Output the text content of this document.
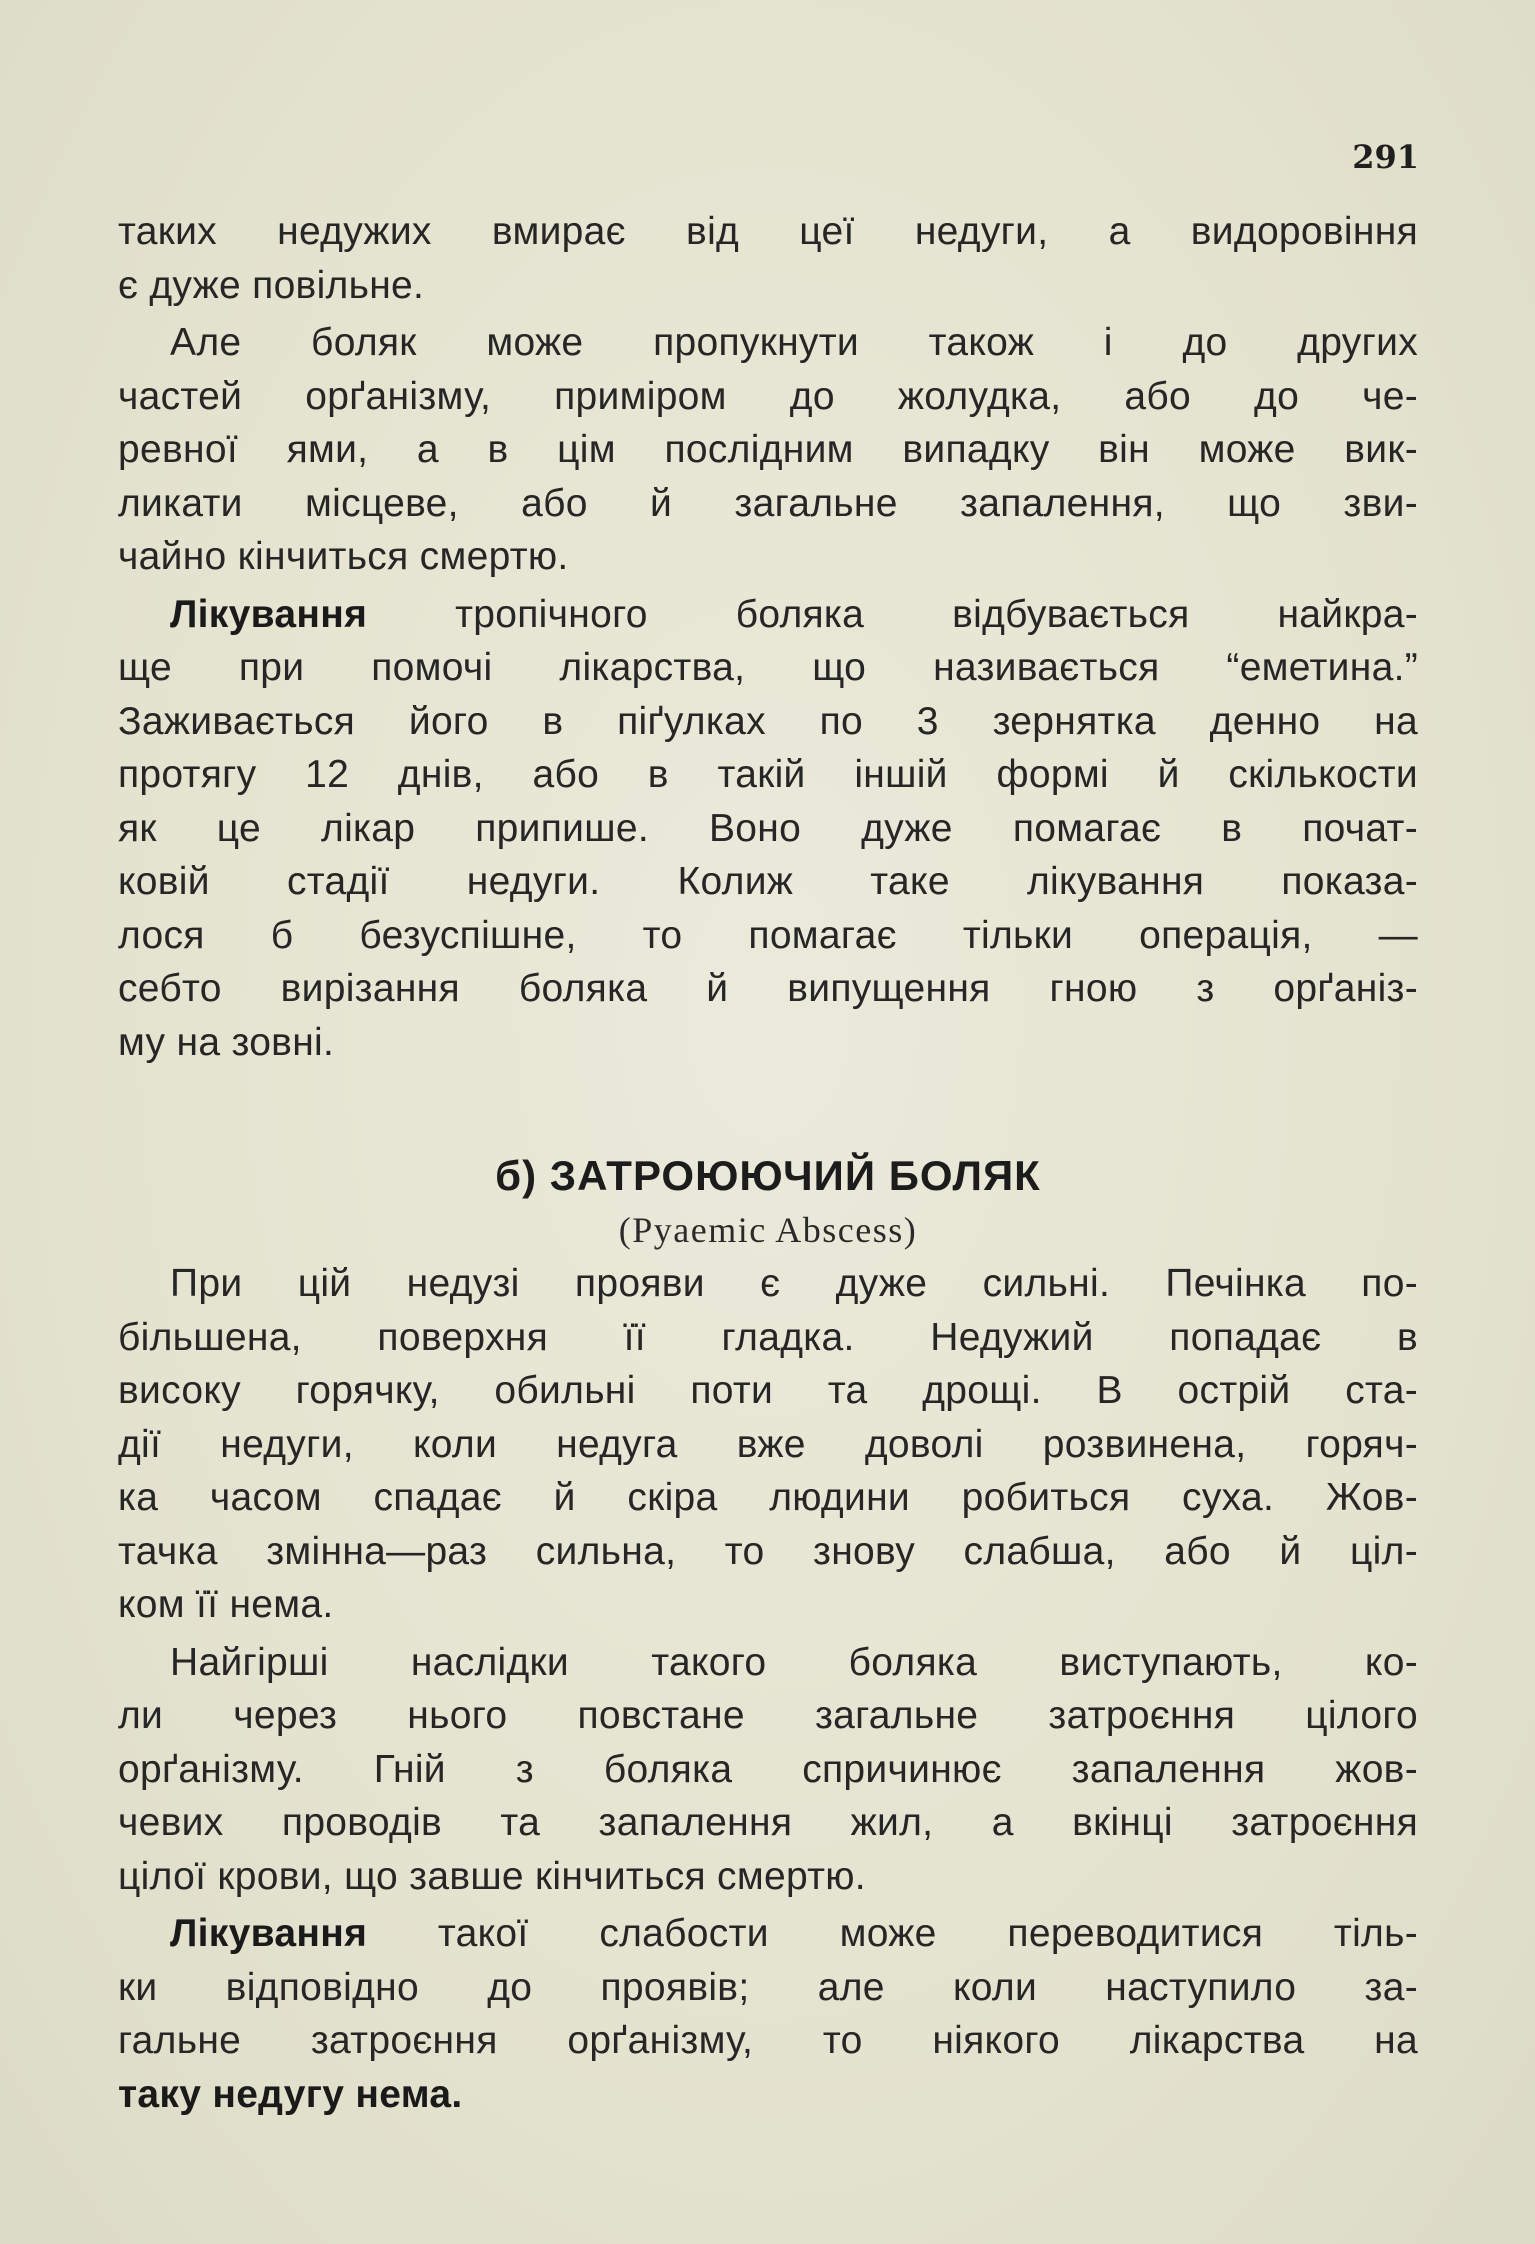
291
таких недужих вмирає від цеї недуги, а видоровіння
є дуже повільне.
Але боляк може пропукнути також і до других
частей орґанізму, приміром до жолудка, або до че-
ревної ями, а в цім послідним випадку він може вик-
ликати місцеве, або й загальне запалення, що зви-
чайно кінчиться смертю.
Лікування тропічного боляка відбувається найкра-
ще при помочі лікарства, що називається “еметина.”
Заживається його в піґулках по 3 зернятка денно на
протягу 12 днів, або в такій іншій формі й скількости
як це лікар припише. Воно дуже помагає в почат-
ковій стадії недуги. Колиж таке лікування показа-
лося б безуспішне, то помагає тільки операція, —
себто вирізання боляка й випущення гною з орґаніз-
му на зовні.
б) ЗАТРОЮЮЧИЙ БОЛЯК
(Pyaemic Abscess)
При цій недузі прояви є дуже сильні. Печінка по-
більшена, поверхня її гладка. Недужий попадає в
високу горячку, обильні поти та дрощі. В острій ста-
дії недуги, коли недуга вже доволі розвинена, горяч-
ка часом спадає й скіра людини робиться суха. Жов-
тачка змінна—раз сильна, то знову слабша, або й цiл-
ком її нема.
Найгірші наслідки такого боляка виступають, ко-
ли через нього повстане загальне затроєння цілого
орґанізму. Гній з боляка спричинює запалення жов-
чевих проводів та запалення жил, а вкінці затроєння
цілої крови, що завше кінчиться смертю.
Лікування такої слабости може переводитися тіль-
ки відповідно до проявів; але коли наступило за-
гальне затроєння орґанізму, то ніякого лікарства на
таку недугу нема.
